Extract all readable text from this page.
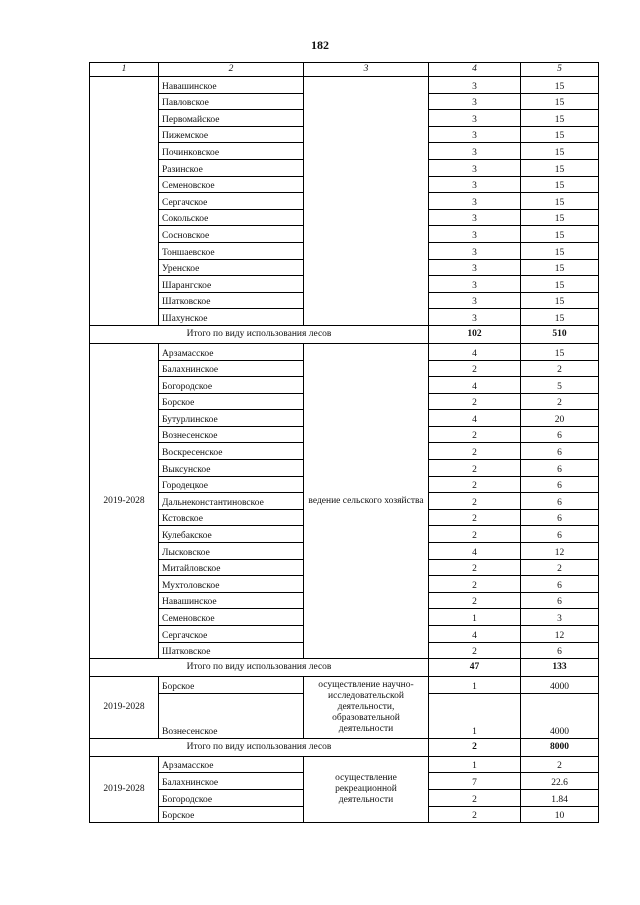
182
1	2	3	4	5
	Навашинское		3	15
	Павловское		3	15
	Первомайское		3	15
	Пижемское		3	15
	Починковское		3	15
	Разинское		3	15
	Семеновское		3	15
	Сергачское		3	15
	Сокольское		3	15
	Сосновское		3	15
	Тоншаевское		3	15
	Уренское		3	15
	Шарангское		3	15
	Шатковское		3	15
	Шахунское		3	15
Итого по виду использования лесов			102	510
2019-2028	Арзамасское	ведение сельского хозяйства	4	15
	Балахнинское		2	2
	Богородское		4	5
	Борское		2	2
	Бутурлинское		4	20
	Вознесенское		2	6
	Воскресенское		2	6
	Выксунское		2	6
	Городецкое		2	6
	Дальнеконстантиновское		2	6
	Кстовское		2	6
	Кулебакское		2	6
	Лысковское		4	12
	Митайловское		2	2
	Мухтоловское		2	6
	Навашинское		2	6
	Семеновское		1	3
	Сергачское		4	12
	Шатковское		2	6
Итого по виду использования лесов			47	133
2019-2028	Борское	осуществление научно-исследовательской деятельности, образовательной деятельности	1	4000
	Вознесенское		1	4000
Итого по виду использования лесов			2	8000
2019-2028	Арзамасское	осуществление рекреационной деятельности	1	2
	Балахнинское		7	22.6
	Богородское		2	1.84
	Борское		2	10
